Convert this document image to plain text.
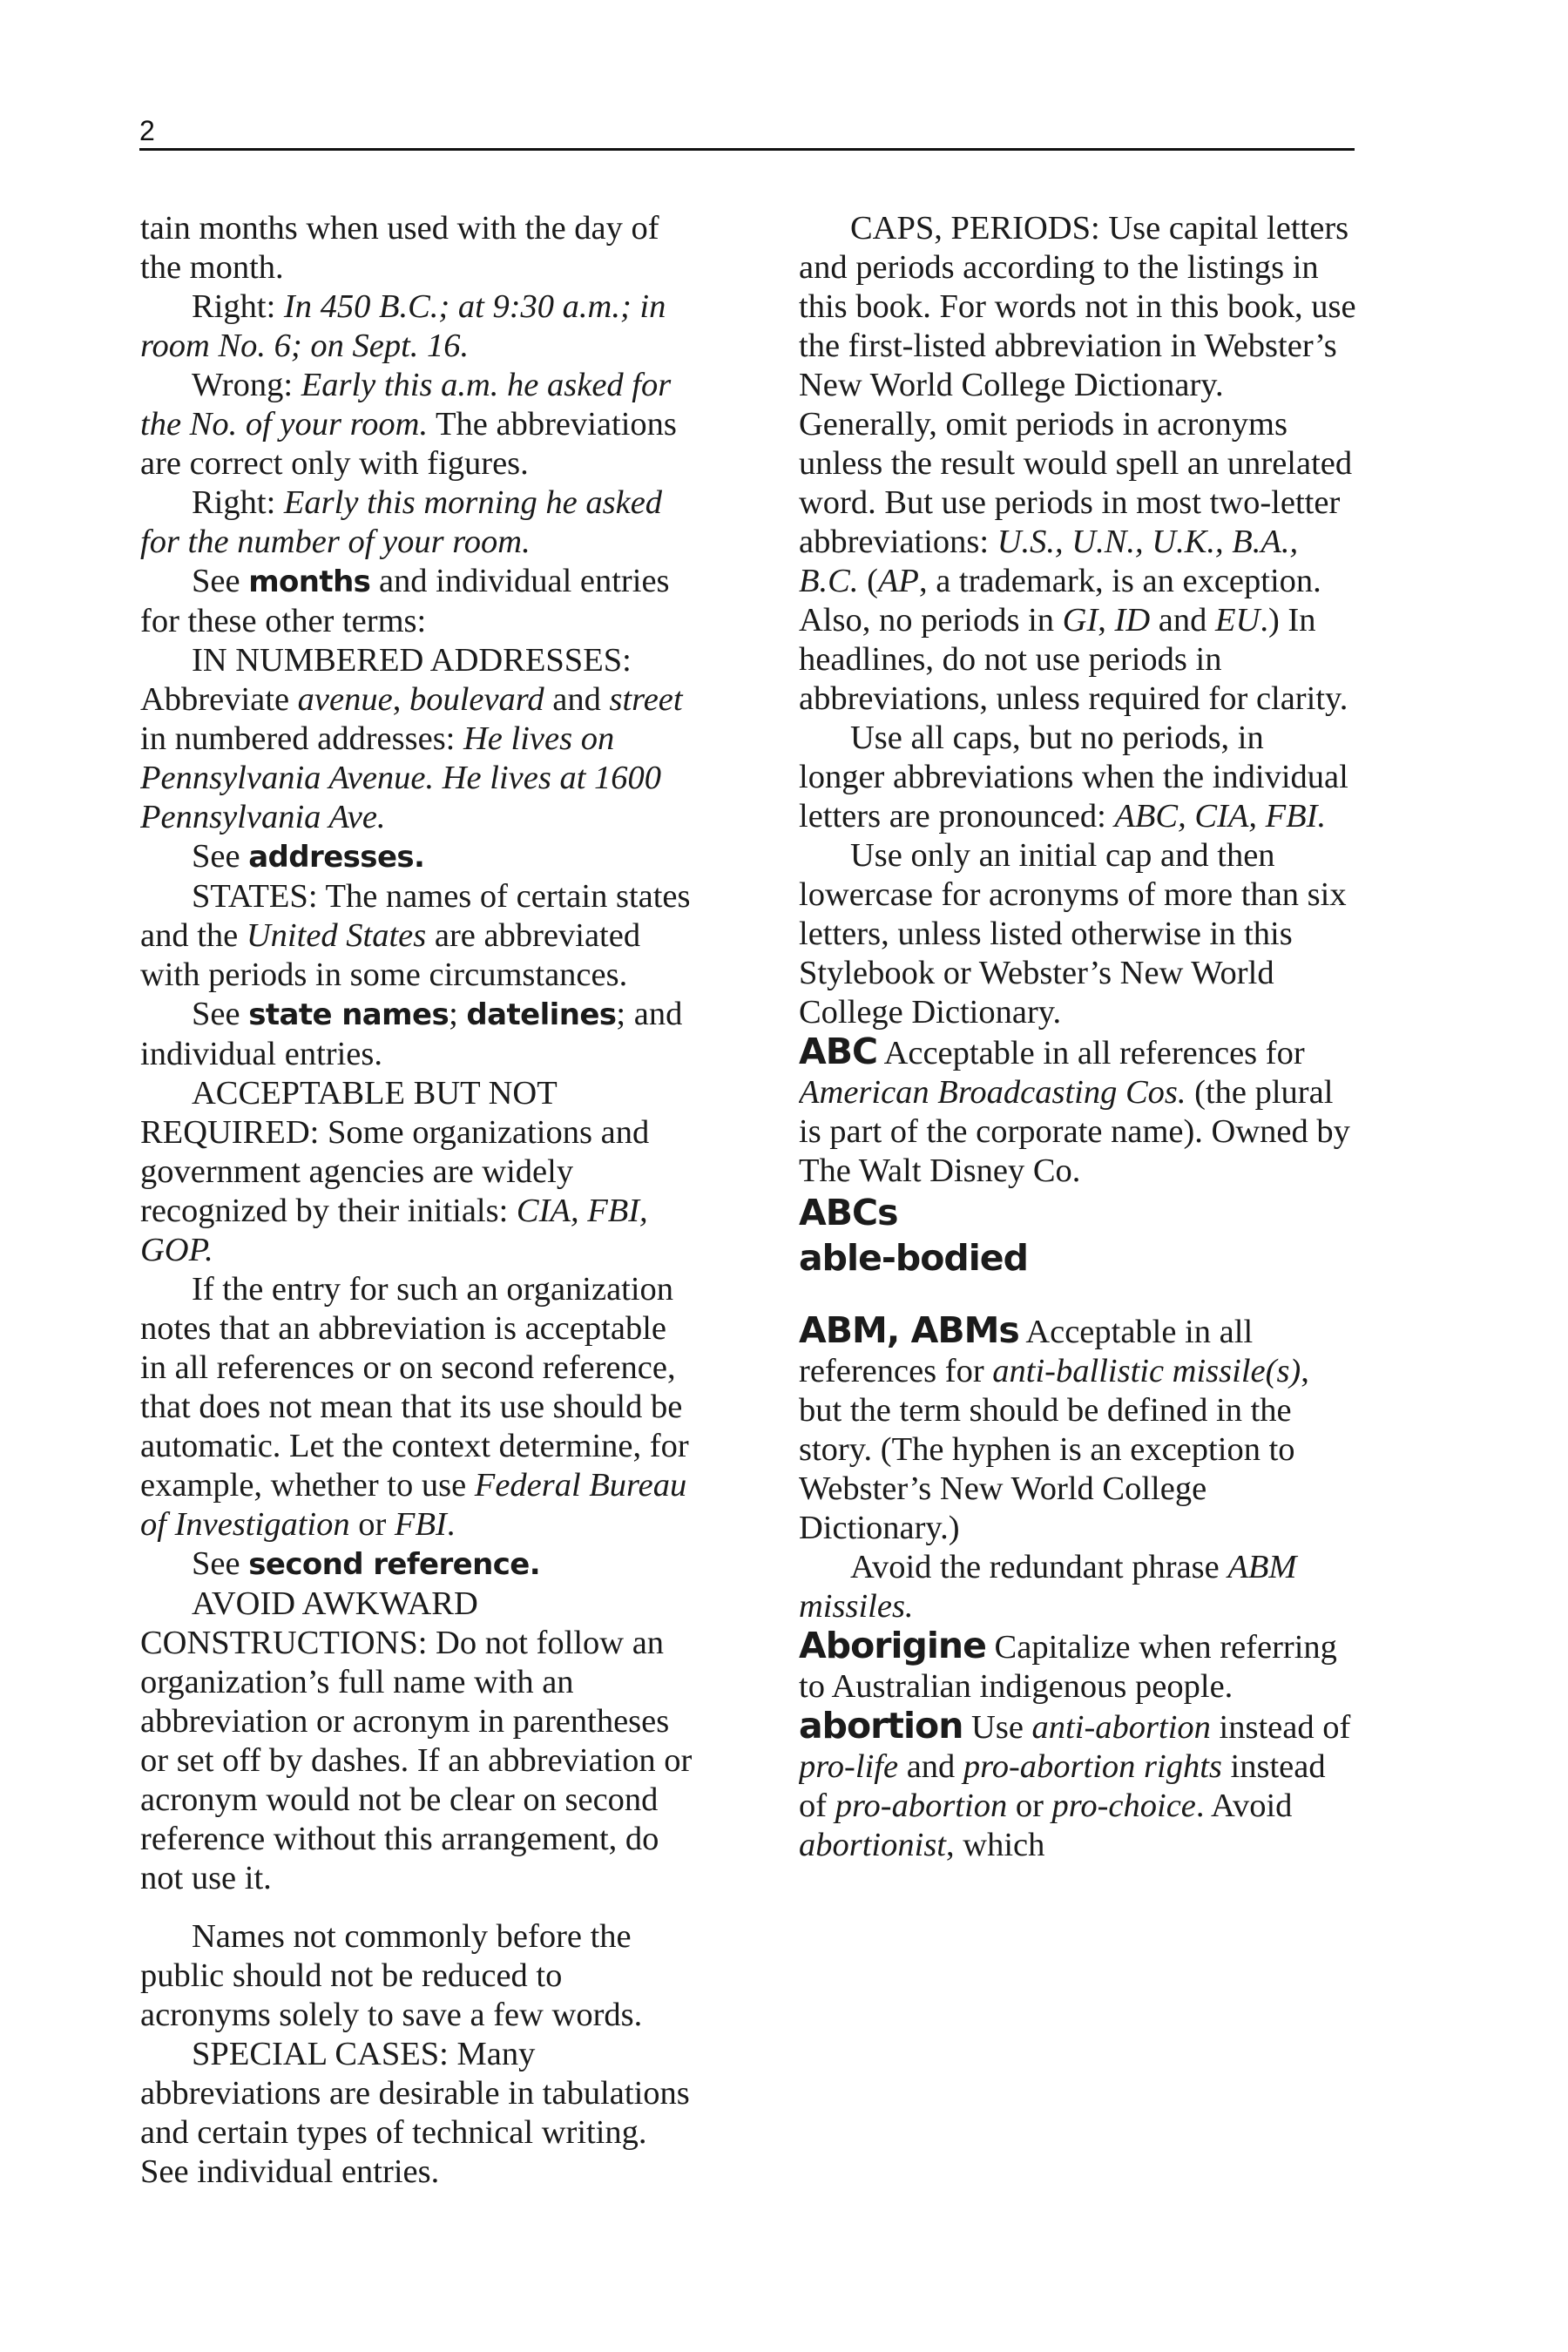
2

tain months when used with the day of the month.

Right: In 450 B.C.; at 9:30 a.m.; in room No. 6; on Sept. 16.

Wrong: Early this a.m. he asked for the No. of your room. The abbreviations are correct only with figures.

Right: Early this morning he asked for the number of your room.

See months and individual entries for these other terms:

IN NUMBERED ADDRESSES: Abbreviate avenue, boulevard and street in numbered addresses: He lives on Pennsylvania Avenue. He lives at 1600 Pennsylvania Ave.

See addresses.

STATES: The names of certain states and the United States are abbreviated with periods in some circumstances.

See state names; datelines; and individual entries.

ACCEPTABLE BUT NOT REQUIRED: Some organizations and government agencies are widely recognized by their initials: CIA, FBI, GOP.

If the entry for such an organization notes that an abbreviation is acceptable in all references or on second reference, that does not mean that its use should be automatic. Let the context determine, for example, whether to use Federal Bureau of Investigation or FBI.

See second reference.

AVOID AWKWARD CONSTRUCTIONS: Do not follow an organization’s full name with an abbreviation or acronym in parentheses or set off by dashes. If an abbreviation or acronym would not be clear on second reference without this arrangement, do not use it.

Names not commonly before the public should not be reduced to acronyms solely to save a few words.

SPECIAL CASES: Many abbreviations are desirable in tabulations and certain types of technical writing. See individual entries.

CAPS, PERIODS: Use capital letters and periods according to the listings in this book. For words not in this book, use the first-listed abbreviation in Webster’s New World College Dictionary. Generally, omit periods in acronyms unless the result would spell an unrelated word. But use periods in most two-letter abbreviations: U.S., U.N., U.K., B.A., B.C. (AP, a trademark, is an exception. Also, no periods in GI, ID and EU.) In headlines, do not use periods in abbreviations, unless required for clarity.

Use all caps, but no periods, in longer abbreviations when the individual letters are pronounced: ABC, CIA, FBI.

Use only an initial cap and then lowercase for acronyms of more than six letters, unless listed otherwise in this Stylebook or Webster’s New World College Dictionary.

ABC Acceptable in all references for American Broadcasting Cos. (the plural is part of the corporate name). Owned by The Walt Disney Co.

ABCs

able-bodied

ABM, ABMs Acceptable in all references for anti-ballistic missile(s), but the term should be defined in the story. (The hyphen is an exception to Webster’s New World College Dictionary.)

Avoid the redundant phrase ABM missiles.

Aborigine Capitalize when referring to Australian indigenous people.

abortion Use anti-abortion instead of pro-life and pro-abortion rights instead of pro-abortion or pro-choice. Avoid abortionist, which
